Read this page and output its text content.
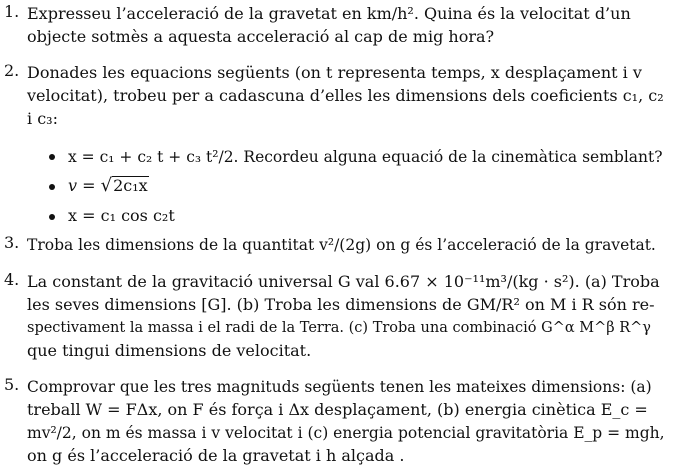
1. Expresseu l’acceleració de la gravetat en km/h². Quina és la velocitat d’un
objecte sotmès a aquesta acceleració al cap de mig hora?
2. Donades les equacions següents (on t representa temps, x desplaçament i v
velocitat), trobeu per a cadascuna d’elles les dimensions dels coeficients c₁, c₂
i c₃:
x = c₁ + c₂ t + c₃ t²/2. Recordeu alguna equació de la cinemàtica semblant?
v = √2c₁x
x = c₁ cos c₂t
3. Troba les dimensions de la quantitat v²/(2g) on g és l’acceleració de la gravetat.
4. La constant de la gravitació universal G val 6.67 × 10⁻¹¹m³/(kg · s²). (a) Troba
les seves dimensions [G]. (b) Troba les dimensions de GM/R² on M i R són re-
spectivament la massa i el radi de la Terra. (c) Troba una combinació G^α M^β R^γ
que tingui dimensions de velocitat.
5. Comprovar que les tres magnituds següents tenen les mateixes dimensions: (a)
treball W = FΔx, on F és força i Δx desplaçament, (b) energia cinètica E_c =
mv²/2, on m és massa i v velocitat i (c) energia potencial gravitatòria E_p = mgh,
on g és l’acceleració de la gravetat i h alçada .
